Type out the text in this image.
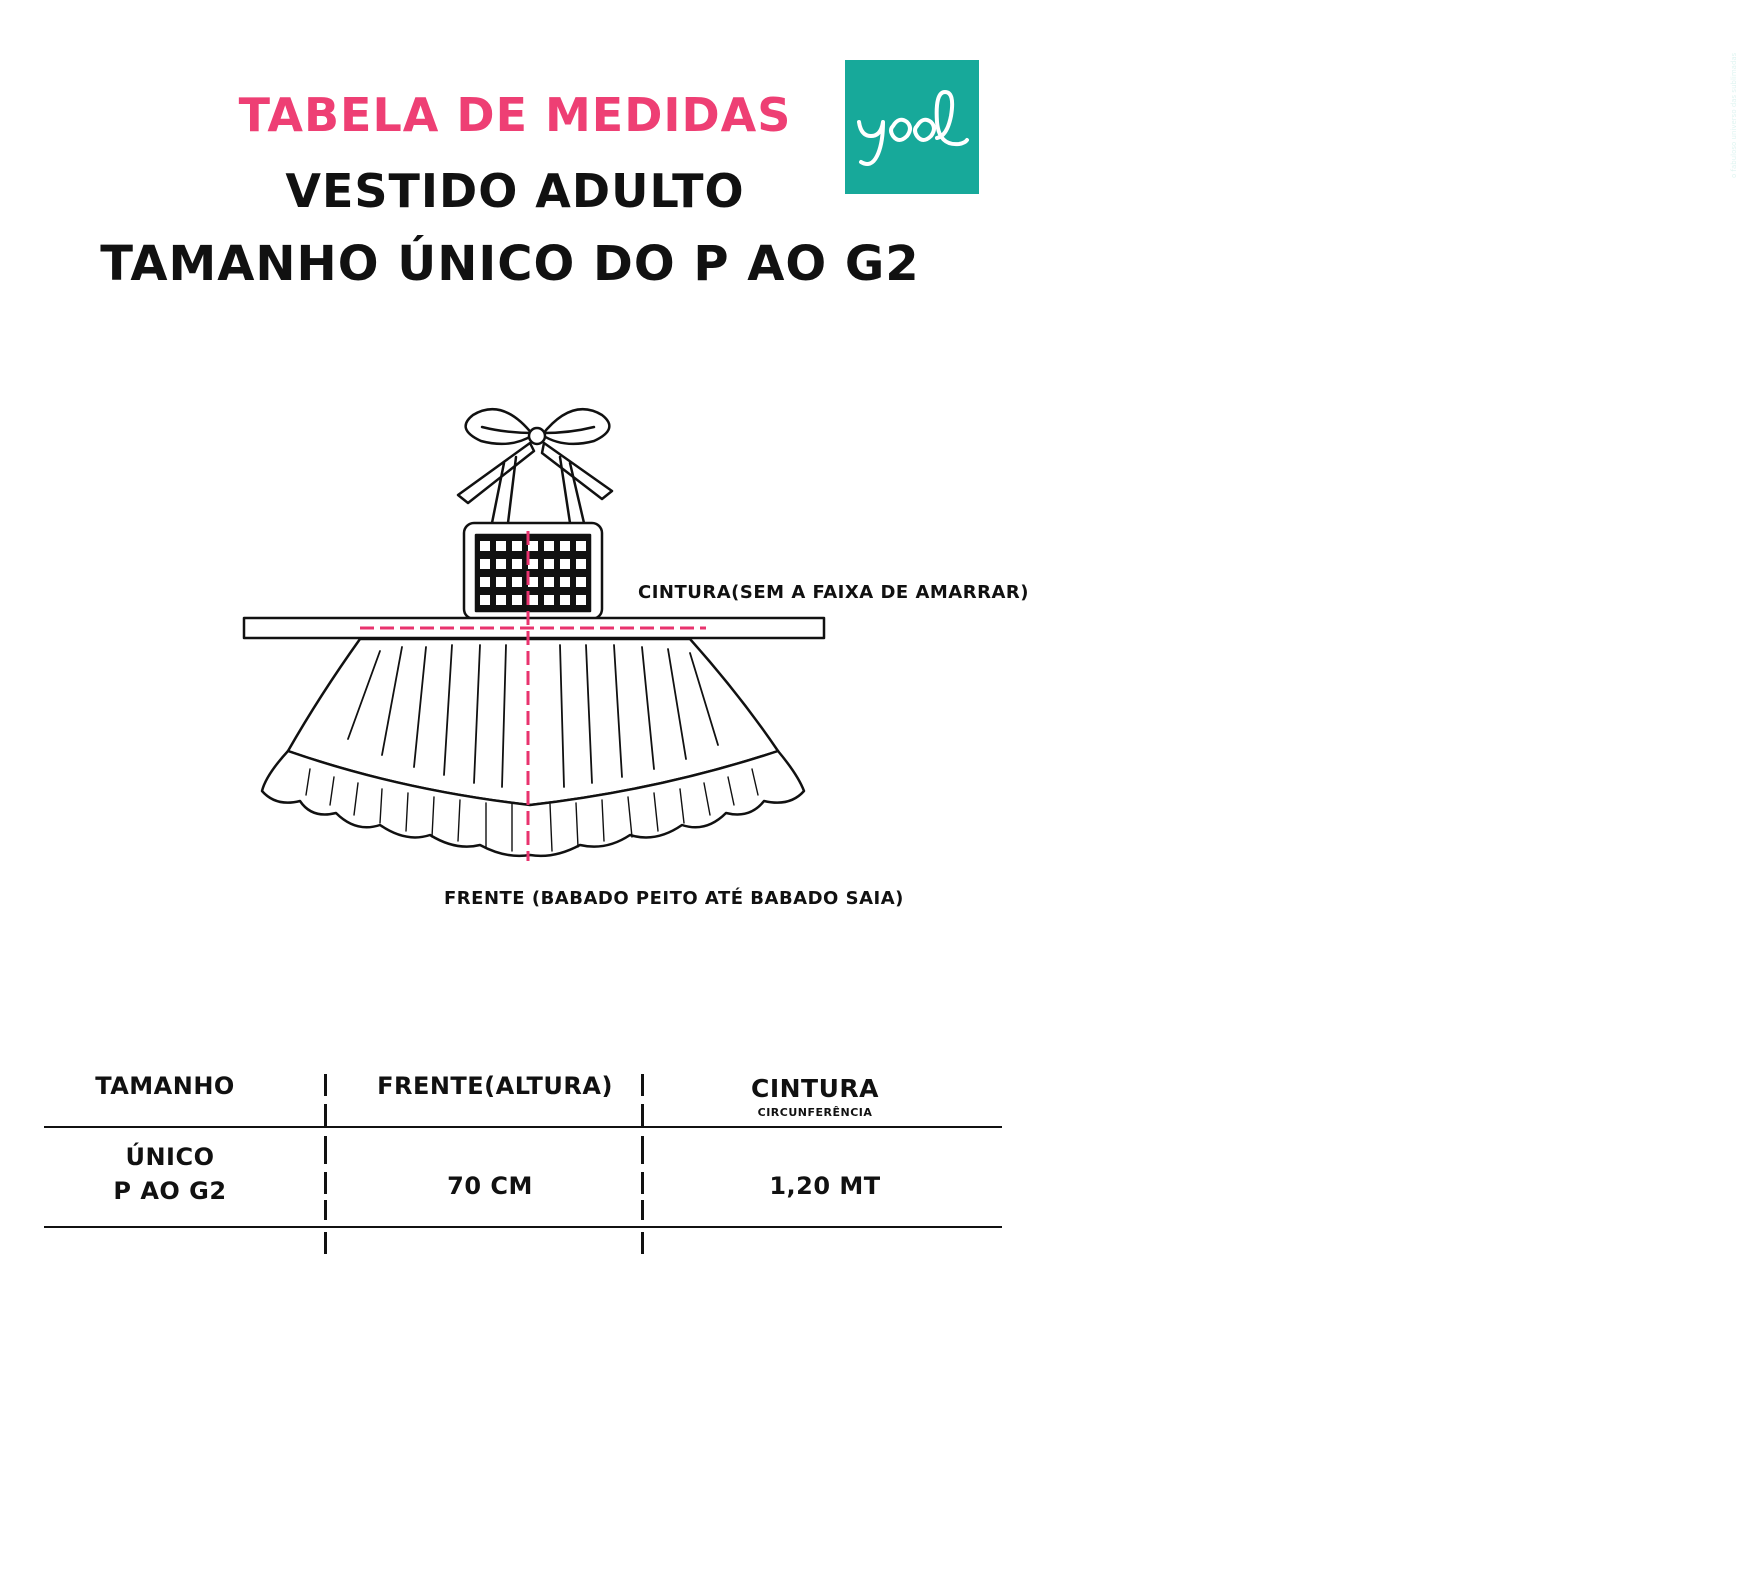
TABELA DE MEDIDAS
VESTIDO ADULTO
TAMANHO ÚNICO DO P AO G2
o fabuloso universo das sublimadas
CINTURA(SEM A FAIXA DE AMARRAR)
FRENTE (BABADO PEITO ATÉ BABADO SAIA)
TAMANHO	FRENTE(ALTURA)	CINTURA
CIRCUNFERÊNCIA
ÚNICO
P AO G2	70 CM	1,20 MT
